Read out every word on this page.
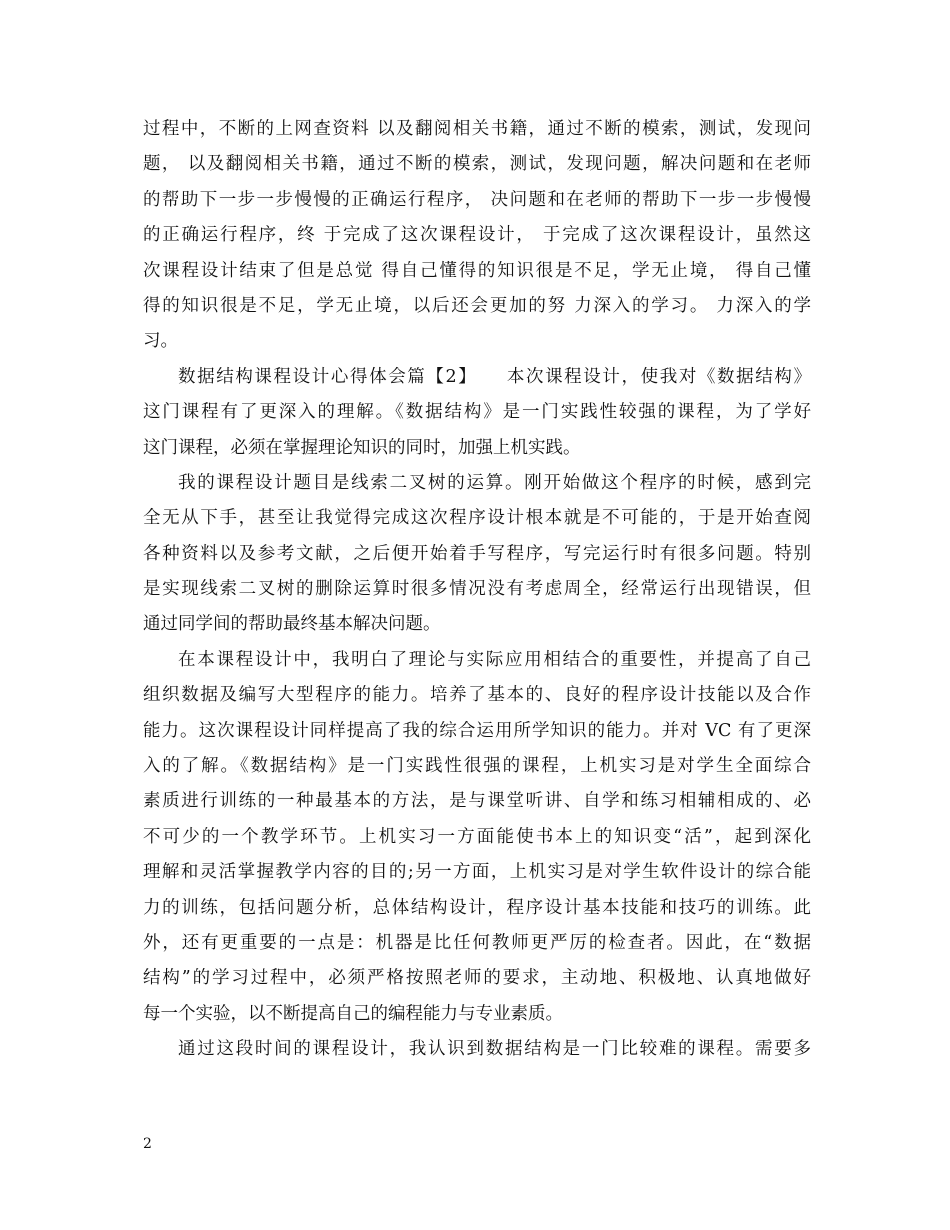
过程中，不断的上网查资料 以及翻阅相关书籍，通过不断的模索，测试，发现问
题， 以及翻阅相关书籍，通过不断的模索，测试，发现问题，解决问题和在老师
的帮助下一步一步慢慢的正确运行程序， 决问题和在老师的帮助下一步一步慢慢
的正确运行程序，终 于完成了这次课程设计， 于完成了这次课程设计，虽然这
次课程设计结束了但是总觉 得自己懂得的知识很是不足，学无止境， 得自己懂
得的知识很是不足，学无止境，以后还会更加的努 力深入的学习。 力深入的学
习。
数据结构课程设计心得体会篇【2】　　本次课程设计，使我对《数据结构》
这门课程有了更深入的理解。《数据结构》是一门实践性较强的课程，为了学好
这门课程，必须在掌握理论知识的同时，加强上机实践。
我的课程设计题目是线索二叉树的运算。刚开始做这个程序的时候，感到完
全无从下手，甚至让我觉得完成这次程序设计根本就是不可能的，于是开始查阅
各种资料以及参考文献，之后便开始着手写程序，写完运行时有很多问题。特别
是实现线索二叉树的删除运算时很多情况没有考虑周全，经常运行出现错误，但
通过同学间的帮助最终基本解决问题。
在本课程设计中，我明白了理论与实际应用相结合的重要性，并提高了自己
组织数据及编写大型程序的能力。培养了基本的、良好的程序设计技能以及合作
能力。这次课程设计同样提高了我的综合运用所学知识的能力。并对 VC 有了更深
入的了解。《数据结构》是一门实践性很强的课程，上机实习是对学生全面综合
素质进行训练的一种最基本的方法，是与课堂听讲、自学和练习相辅相成的、必
不可少的一个教学环节。上机实习一方面能使书本上的知识变“活”，起到深化
理解和灵活掌握教学内容的目的;另一方面，上机实习是对学生软件设计的综合能
力的训练，包括问题分析，总体结构设计，程序设计基本技能和技巧的训练。此
外，还有更重要的一点是：机器是比任何教师更严厉的检查者。因此，在“数据
结构”的学习过程中，必须严格按照老师的要求，主动地、积极地、认真地做好
每一个实验，以不断提高自己的编程能力与专业素质。
通过这段时间的课程设计，我认识到数据结构是一门比较难的课程。需要多
2
